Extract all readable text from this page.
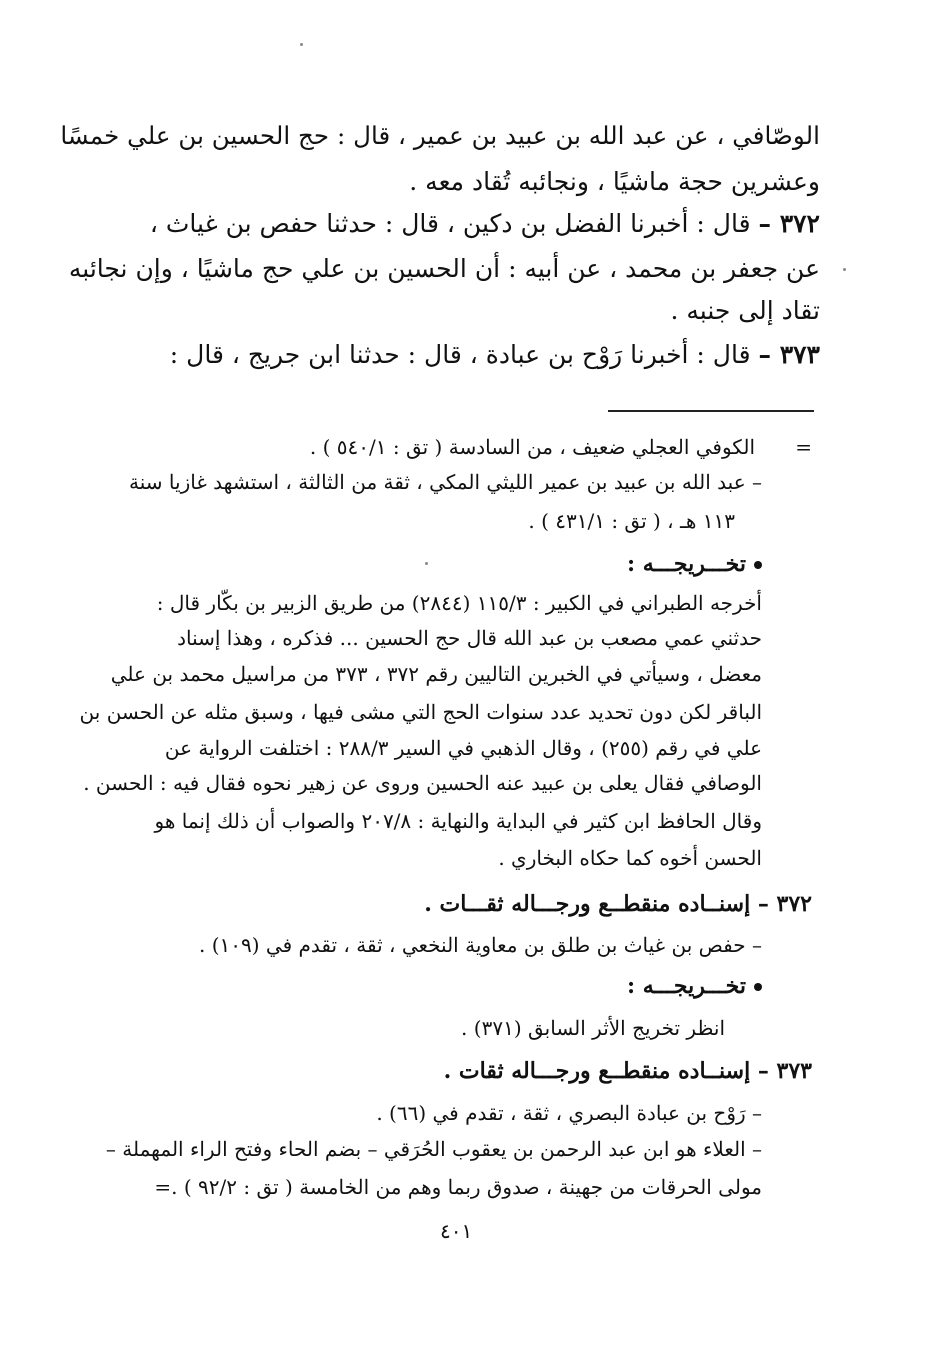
الوصّافي ، عن عبد الله بن عبيد بن عمير ، قال : حج الحسين بن علي خمسًا

وعشرين حجة ماشيًا ، ونجائبه تُقاد معه .

٣٧٢ – قال : أخبرنا الفضل بن دكين ، قال : حدثنا حفص بن غياث ،

عن جعفر بن محمد ، عن أبيه : أن الحسين بن علي حج ماشيًا ، وإن نجائبه

تقاد إلى جنبه .

٣٧٣ – قال : أخبرنا رَوْح بن عبادة ، قال : حدثنا ابن جريج ، قال :

=

الكوفي العجلي ضعيف ، من السادسة ( تق : ٥٤٠/١ ) .

– عبد الله بن عبيد بن عمير الليثي المكي ، ثقة من الثالثة ، استشهد غازيا سنة

١١٣ هـ ، ( تق : ٤٣١/١ ) .

تخـــريجـــه :

أخرجه الطبراني في الكبير : ١١٥/٣ (٢٨٤٤) من طريق الزبير بن بكّار قال :

حدثني عمي مصعب بن عبد الله قال حج الحسين ... فذكره ، وهذا إسناد

معضل ، وسيأتي في الخبرين التاليين رقم ٣٧٢ ، ٣٧٣ من مراسيل محمد بن علي

الباقر لكن دون تحديد عدد سنوات الحج التي مشى فيها ، وسبق مثله عن الحسن بن

علي في رقم (٢٥٥) ، وقال الذهبي في السير ٢٨٨/٣ : اختلفت الرواية عن

الوصافي فقال يعلى بن عبيد عنه الحسين وروى عن زهير نحوه فقال فيه : الحسن .

وقال الحافظ ابن كثير في البداية والنهاية : ٢٠٧/٨ والصواب أن ذلك إنما هو

الحسن أخوه كما حكاه البخاري .

٣٧٢ – إسنــاده منقطــع ورجـــاله ثقـــات .

– حفص بن غياث بن طلق بن معاوية النخعي ، ثقة ، تقدم في (١٠٩) .

تخـــريجـــه :

انظر تخريج الأثر السابق (٣٧١) .

٣٧٣ – إسنــاده منقطــع ورجـــاله ثقات .

– رَوْح بن عبادة البصري ، ثقة ، تقدم في (٦٦) .

– العلاء هو ابن عبد الرحمن بن يعقوب الحُرَقي – بضم الحاء وفتح الراء المهملة –

مولى الحرقات من جهينة ، صدوق ربما وهم من الخامسة ( تق : ٩٢/٢ ) .=

٤٠١
